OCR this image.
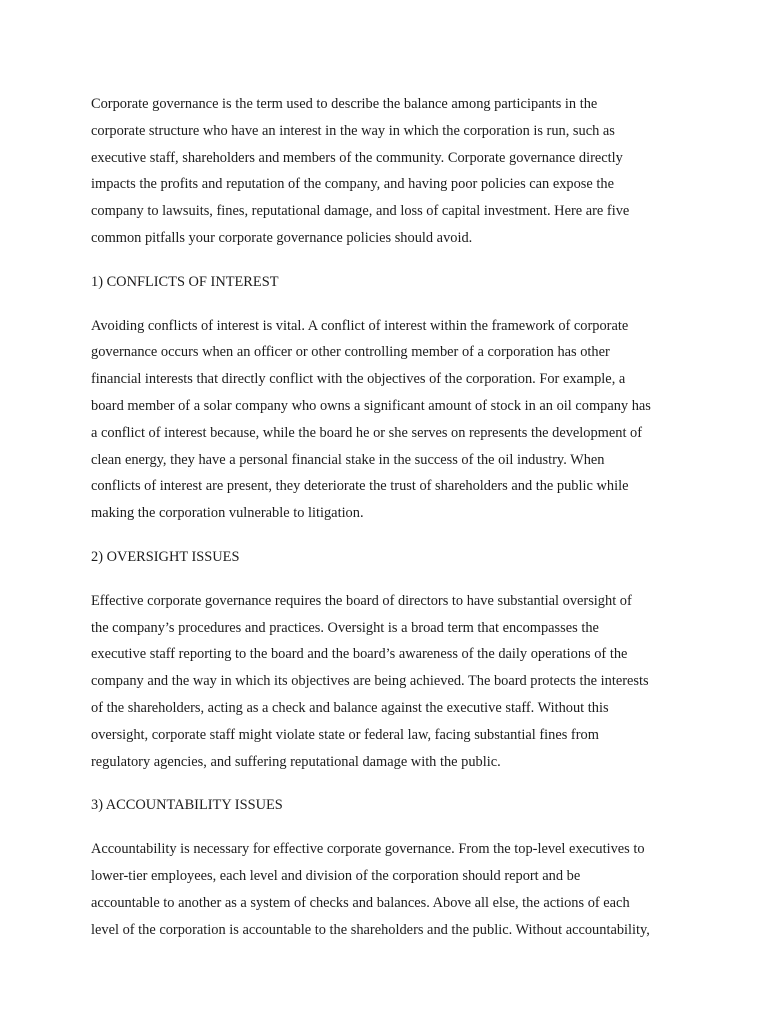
Corporate governance is the term used to describe the balance among participants in the
corporate structure who have an interest in the way in which the corporation is run, such as
executive staff, shareholders and members of the community. Corporate governance directly
impacts the profits and reputation of the company, and having poor policies can expose the
company to lawsuits, fines, reputational damage, and loss of capital investment. Here are five
common pitfalls your corporate governance policies should avoid.

1) CONFLICTS OF INTEREST

Avoiding conflicts of interest is vital. A conflict of interest within the framework of corporate
governance occurs when an officer or other controlling member of a corporation has other
financial interests that directly conflict with the objectives of the corporation. For example, a
board member of a solar company who owns a significant amount of stock in an oil company has
a conflict of interest because, while the board he or she serves on represents the development of
clean energy, they have a personal financial stake in the success of the oil industry. When
conflicts of interest are present, they deteriorate the trust of shareholders and the public while
making the corporation vulnerable to litigation.

2) OVERSIGHT ISSUES

Effective corporate governance requires the board of directors to have substantial oversight of
the company’s procedures and practices. Oversight is a broad term that encompasses the
executive staff reporting to the board and the board’s awareness of the daily operations of the
company and the way in which its objectives are being achieved. The board protects the interests
of the shareholders, acting as a check and balance against the executive staff. Without this
oversight, corporate staff might violate state or federal law, facing substantial fines from
regulatory agencies, and suffering reputational damage with the public.

3) ACCOUNTABILITY ISSUES

Accountability is necessary for effective corporate governance. From the top-level executives to
lower-tier employees, each level and division of the corporation should report and be
accountable to another as a system of checks and balances. Above all else, the actions of each
level of the corporation is accountable to the shareholders and the public. Without accountability,
